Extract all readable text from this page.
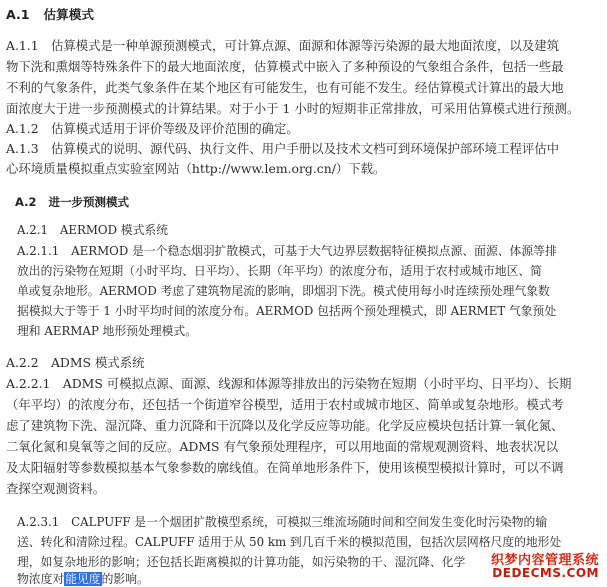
A.1 估算模式

A.1.1　估算模式是一种单源预测模式，可计算点源、面源和体源等污染源的最大地面浓度，以及建筑

物下洗和熏烟等特殊条件下的最大地面浓度，估算模式中嵌入了多种预设的气象组合条件，包括一些最

不利的气象条件，此类气象条件在某个地区有可能发生，也有可能不发生。经估算模式计算出的最大地

面浓度大于进一步预测模式的计算结果。对于小于 1 小时的短期非正常排放，可采用估算模式进行预测。

A.1.2　估算模式适用于评价等级及评价范围的确定。

A.1.3　估算模式的说明、源代码、执行文件、用户手册以及技术文档可到环境保护部环境工程评估中

心环境质量模拟重点实验室网站（http://www.lem.org.cn/）下载。

A.2 进一步预测模式

A.2.1　AERMOD 模式系统

A.2.1.1　AERMOD 是一个稳态烟羽扩散模式，可基于大气边界层数据特征模拟点源、面源、体源等排

放出的污染物在短期（小时平均、日平均）、长期（年平均）的浓度分布，适用于农村或城市地区、简

单或复杂地形。AERMOD 考虑了建筑物尾流的影响，即烟羽下洗。模式使用每小时连续预处理气象数

据模拟大于等于 1 小时平均时间的浓度分布。AERMOD 包括两个预处理模式，即 AERMET 气象预处

理和 AERMAP 地形预处理模式。

A.2.2　ADMS 模式系统

A.2.2.1　ADMS 可模拟点源、面源、线源和体源等排放出的污染物在短期（小时平均、日平均）、长期

（年平均）的浓度分布，还包括一个街道窄谷模型，适用于农村或城市地区、简单或复杂地形。模式考

虑了建筑物下洗、湿沉降、重力沉降和干沉降以及化学反应等功能。化学反应模块包括计算一氧化氮、

二氧化氮和臭氧等之间的反应。ADMS 有气象预处理程序，可以用地面的常规观测资料、地表状况以

及太阳辐射等参数模拟基本气象参数的廓线值。在简单地形条件下，使用该模型模拟计算时，可以不调

查探空观测资料。

A.2.3.1　CALPUFF 是一个烟团扩散模型系统，可模拟三维流场随时间和空间发生变化时污染物的输

送、转化和清除过程。CALPUFF 适用于从 50 km 到几百千米的模拟范围，包括次层网格尺度的地形处

理，如复杂地形的影响；还包括长距离模拟的计算功能，如污染物的干、湿沉降、化学

物浓度对能见度的影响。

织梦内容管理系统
DEDECMS.COM
